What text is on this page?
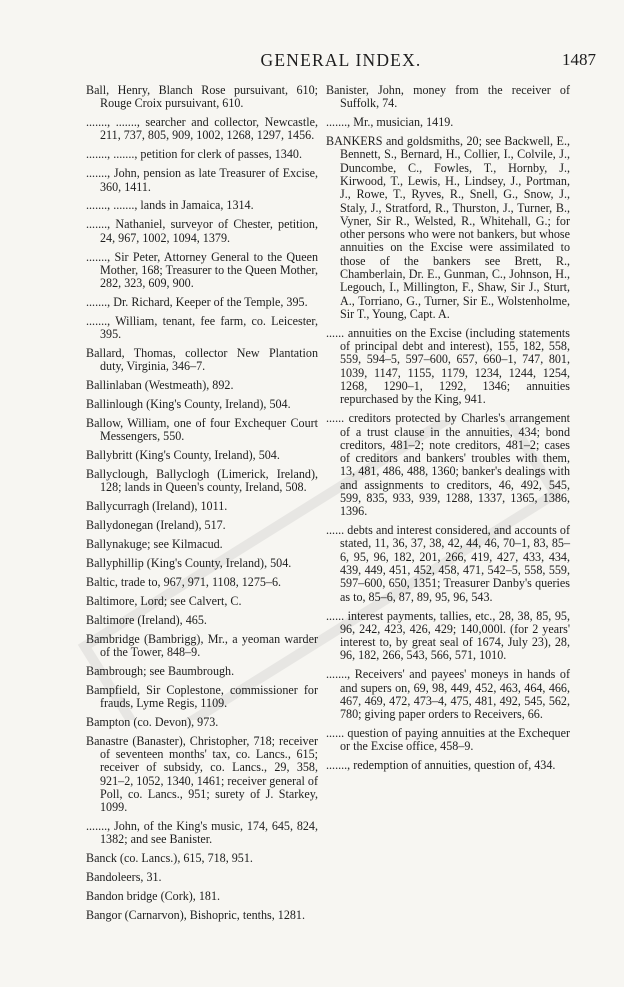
GENERAL INDEX.	1487
Ball, Henry, Blanch Rose pursuivant, 610; Rouge Croix pursuivant, 610.
......., ......., searcher and collector, Newcastle, 211, 737, 805, 909, 1002, 1268, 1297, 1456.
......., ......., petition for clerk of passes, 1340.
......., John, pension as late Treasurer of Excise, 360, 1411.
......., ......., lands in Jamaica, 1314.
......., Nathaniel, surveyor of Chester, petition, 24, 967, 1002, 1094, 1379.
......., Sir Peter, Attorney General to the Queen Mother, 168; Treasurer to the Queen Mother, 282, 323, 609, 900.
......., Dr. Richard, Keeper of the Temple, 395.
......., William, tenant, fee farm, co. Leicester, 395.
Ballard, Thomas, collector New Plantation duty, Virginia, 346–7.
Ballinlaban (Westmeath), 892.
Ballinlough (King's County, Ireland), 504.
Ballow, William, one of four Exchequer Court Messengers, 550.
Ballybritt (King's County, Ireland), 504.
Ballyclough, Ballyclogh (Limerick, Ireland), 128; lands in Queen's county, Ireland, 508.
Ballycurragh (Ireland), 1011.
Ballydonegan (Ireland), 517.
Ballynakuge; see Kilmacud.
Ballyphillip (King's County, Ireland), 504.
Baltic, trade to, 967, 971, 1108, 1275–6.
Baltimore, Lord; see Calvert, C.
Baltimore (Ireland), 465.
Bambridge (Bambrigg), Mr., a yeoman warder of the Tower, 848–9.
Bambrough; see Baumbrough.
Bampfield, Sir Coplestone, commissioner for frauds, Lyme Regis, 1109.
Bampton (co. Devon), 973.
Banastre (Banaster), Christopher, 718; receiver of seventeen months' tax, co. Lancs., 615; receiver of subsidy, co. Lancs., 29, 358, 921–2, 1052, 1340, 1461; receiver general of Poll, co. Lancs., 951; surety of J. Starkey, 1099.
......., John, of the King's music, 174, 645, 824, 1382; and see Banister.
Banck (co. Lancs.), 615, 718, 951.
Bandoleers, 31.
Bandon bridge (Cork), 181.
Bangor (Carnarvon), Bishopric, tenths, 1281.
Banister, John, money from the receiver of Suffolk, 74.
......., Mr., musician, 1419.
BANKERS and goldsmiths, 20; see Backwell, E., Bennett, S., Bernard, H., Collier, I., Colvile, J., Duncombe, C., Fowles, T., Hornby, J., Kirwood, T., Lewis, H., Lindsey, J., Portman, J., Rowe, T., Ryves, R., Snell, G., Snow, J., Staly, J., Stratford, R., Thurston, J., Turner, B., Vyner, Sir R., Welsted, R., Whitehall, G.; for other persons who were not bankers, but whose annuities on the Excise were assimilated to those of the bankers see Brett, R., Chamberlain, Dr. E., Gunman, C., Johnson, H., Legouch, I., Millington, F., Shaw, Sir J., Sturt, A., Torriano, G., Turner, Sir E., Wolstenholme, Sir T., Young, Capt. A.
...... annuities on the Excise (including statements of principal debt and interest), 155, 182, 558, 559, 594–5, 597–600, 657, 660–1, 747, 801, 1039, 1147, 1155, 1179, 1234, 1244, 1254, 1268, 1290–1, 1292, 1346; annuities repurchased by the King, 941.
...... creditors protected by Charles's arrangement of a trust clause in the annuities, 434; bond creditors, 481–2; note creditors, 481–2; cases of creditors and bankers' troubles with them, 13, 481, 486, 488, 1360; banker's dealings with and assignments to creditors, 46, 492, 545, 599, 835, 933, 939, 1288, 1337, 1365, 1386, 1396.
...... debts and interest considered, and accounts of stated, 11, 36, 37, 38, 42, 44, 46, 70–1, 83, 85–6, 95, 96, 182, 201, 266, 419, 427, 433, 434, 439, 449, 451, 452, 458, 471, 542–5, 558, 559, 597–600, 650, 1351; Treasurer Danby's queries as to, 85–6, 87, 89, 95, 96, 543.
...... interest payments, tallies, etc., 28, 38, 85, 95, 96, 242, 423, 426, 429; 140,000l. (for 2 years' interest to, by great seal of 1674, July 23), 28, 96, 182, 266, 543, 566, 571, 1010.
......., Receivers' and payees' moneys in hands of and supers on, 69, 98, 449, 452, 463, 464, 466, 467, 469, 472, 473–4, 475, 481, 492, 545, 562, 780; giving paper orders to Receivers, 66.
...... question of paying annuities at the Exchequer or the Excise office, 458–9.
......., redemption of annuities, question of, 434.
